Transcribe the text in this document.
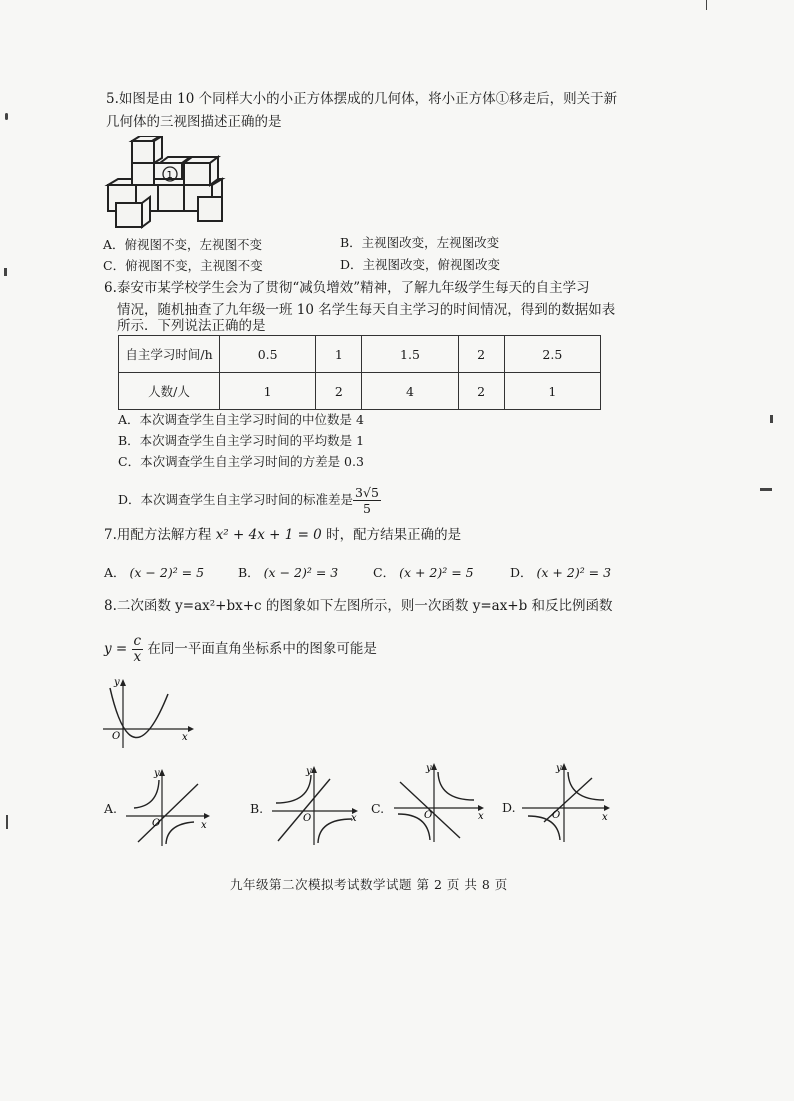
5.如图是由 10 个同样大小的小正方体摆成的几何体，将小正方体①移走后，则关于新
几何体的三视图描述正确的是
1
A．俯视图不变，左视图不变	B．主视图改变，左视图改变
C．俯视图不变，主视图不变	D．主视图改变，俯视图改变
6.泰安市某学校学生会为了贯彻“减负增效”精神，了解九年级学生每天的自主学习
情况，随机抽查了九年级一班 10 名学生每天自主学习的时间情况，得到的数据如表
所示．下列说法正确的是
自主学习时间/h	0.5	1	1.5	2	2.5
人数/人	1	2	4	2	1
A．本次调查学生自主学习时间的中位数是 4
B．本次调查学生自主学习时间的平均数是 1
C．本次调查学生自主学习时间的方差是 0.3
D．本次调查学生自主学习时间的标准差是 $\frac{3√5}{5}$
7.用配方法解方程 x² + 4x + 1 = 0 时，配方结果正确的是
A． (x − 2)² = 5	B． (x − 2)² = 3	C． (x + 2)² = 5	D． (x + 2)² = 3
8.二次函数 y=ax²+bx+c 的图象如下左图所示，则一次函数 y=ax+b 和反比例函数
$y = \frac{c}{x}$ 在同一平面直角坐标系中的图象可能是
O	x
y
A.
O	x
y
B.
O	x
y
C.	O	x
y
D.
O	x
y
九年级第二次模拟考试数学试题 第 2 页 共 8 页
